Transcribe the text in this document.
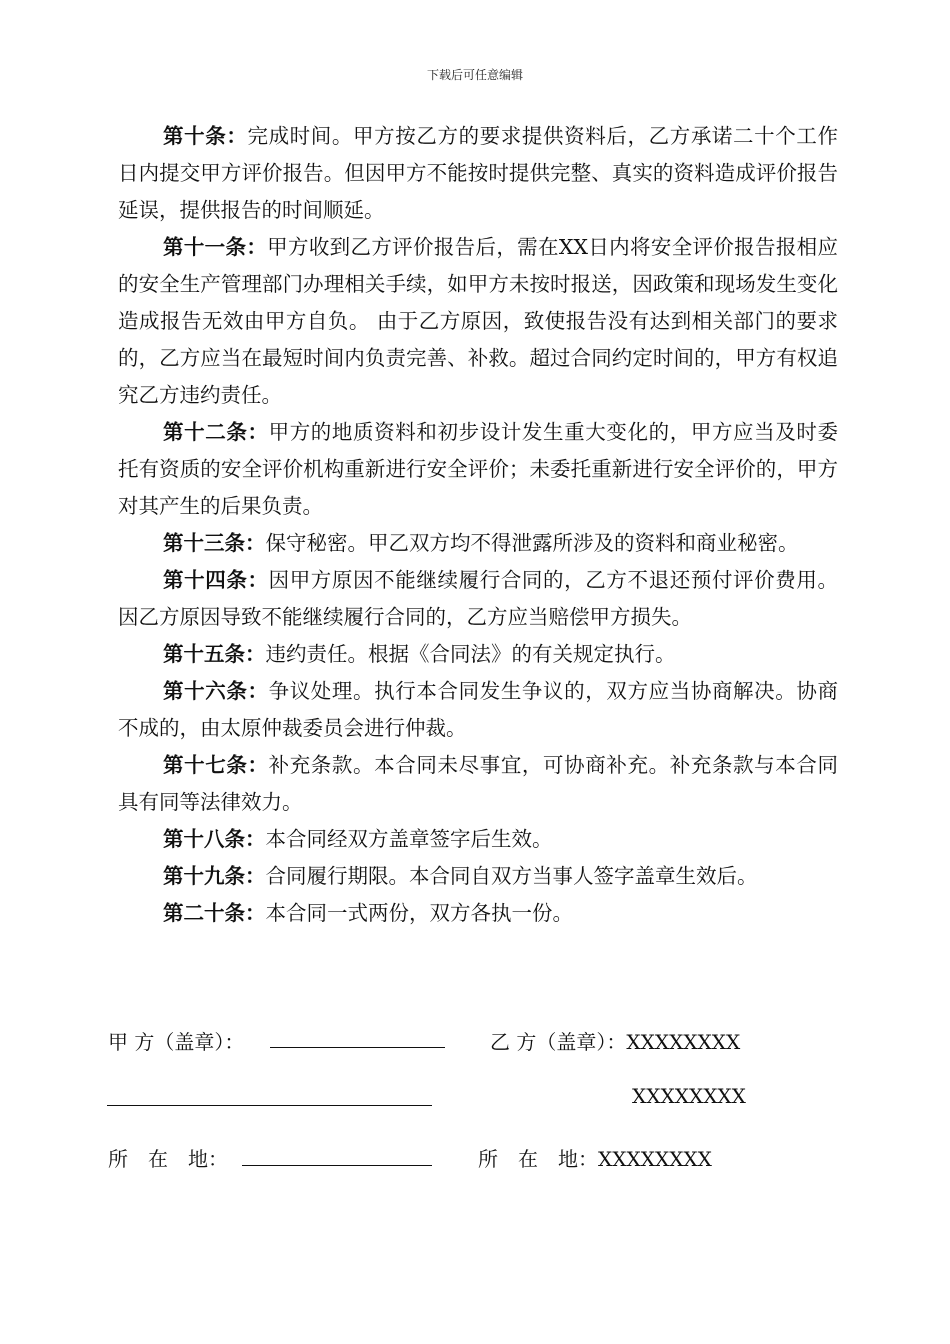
下载后可任意编辑

第十条：完成时间。甲方按乙方的要求提供资料后，乙方承诺二十个工作日内提交甲方评价报告。但因甲方不能按时提供完整、真实的资料造成评价报告延误，提供报告的时间顺延。

第十一条：甲方收到乙方评价报告后，需在XX日内将安全评价报告报相应的安全生产管理部门办理相关手续，如甲方未按时报送，因政策和现场发生变化造成报告无效由甲方自负。 由于乙方原因，致使报告没有达到相关部门的要求的，乙方应当在最短时间内负责完善、补救。超过合同约定时间的，甲方有权追究乙方违约责任。

第十二条：甲方的地质资料和初步设计发生重大变化的，甲方应当及时委托有资质的安全评价机构重新进行安全评价；未委托重新进行安全评价的，甲方对其产生的后果负责。

第十三条：保守秘密。甲乙双方均不得泄露所涉及的资料和商业秘密。

第十四条：因甲方原因不能继续履行合同的，乙方不退还预付评价费用。因乙方原因导致不能继续履行合同的，乙方应当赔偿甲方损失。

第十五条：违约责任。根据《合同法》的有关规定执行。

第十六条：争议处理。执行本合同发生争议的，双方应当协商解决。协商不成的，由太原仲裁委员会进行仲裁。

第十七条：补充条款。本合同未尽事宜，可协商补充。补充条款与本合同具有同等法律效力。

第十八条：本合同经双方盖章签字后生效。

第十九条：合同履行期限。本合同自双方当事人签字盖章生效后。

第二十条：本合同一式两份，双方各执一份。

甲 方（盖章）：	乙 方（盖章）：XXXXXXXX
XXXXXXXX
所　在　地：	所　在　地：XXXXXXXX
